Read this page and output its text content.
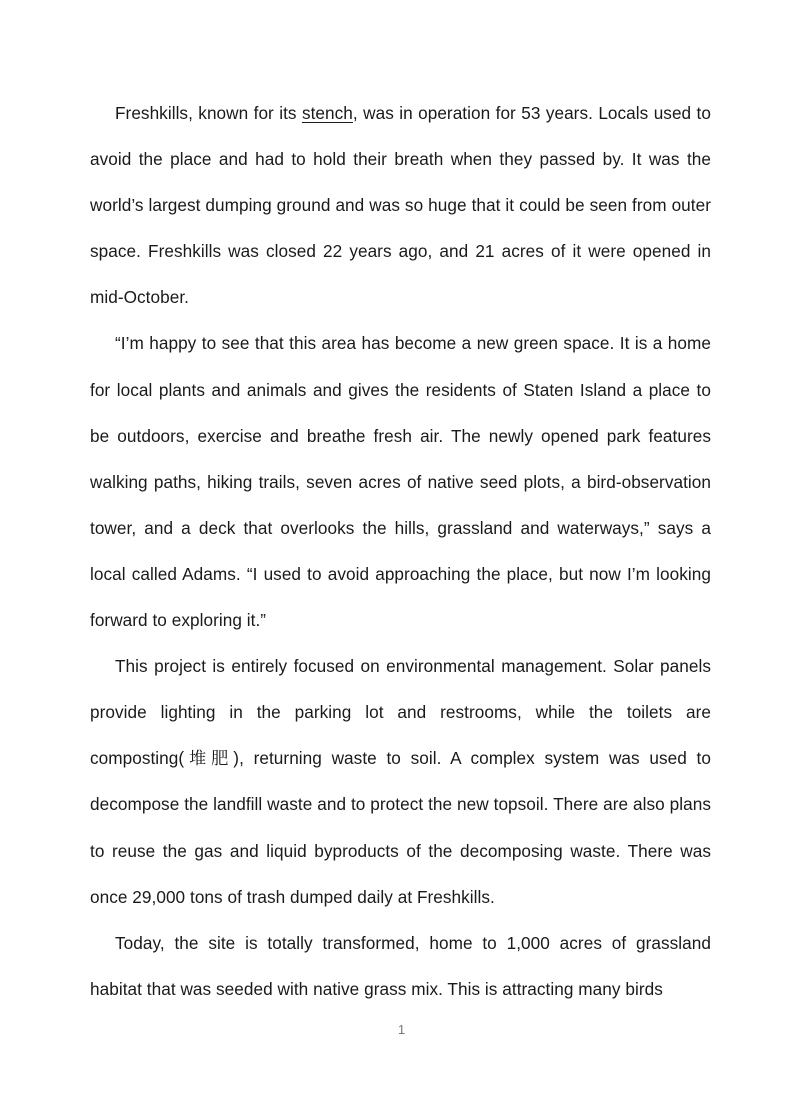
Freshkills, known for its stench, was in operation for 53 years. Locals used to avoid the place and had to hold their breath when they passed by. It was the world’s largest dumping ground and was so huge that it could be seen from outer space. Freshkills was closed 22 years ago, and 21 acres of it were opened in mid-October.

“I’m happy to see that this area has become a new green space. It is a home for local plants and animals and gives the residents of Staten Island a place to be outdoors, exercise and breathe fresh air. The newly opened park features walking paths, hiking trails, seven acres of native seed plots, a bird-observation tower, and a deck that overlooks the hills, grassland and waterways,” says a local called Adams. “I used to avoid approaching the place, but now I’m looking forward to exploring it.”

This project is entirely focused on environmental management. Solar panels provide lighting in the parking lot and restrooms, while the toilets are composting(堆肥), returning waste to soil. A complex system was used to decompose the landfill waste and to protect the new topsoil. There are also plans to reuse the gas and liquid byproducts of the decomposing waste. There was once 29,000 tons of trash dumped daily at Freshkills.

Today, the site is totally transformed, home to 1,000 acres of grassland habitat that was seeded with native grass mix. This is attracting many birds

1
